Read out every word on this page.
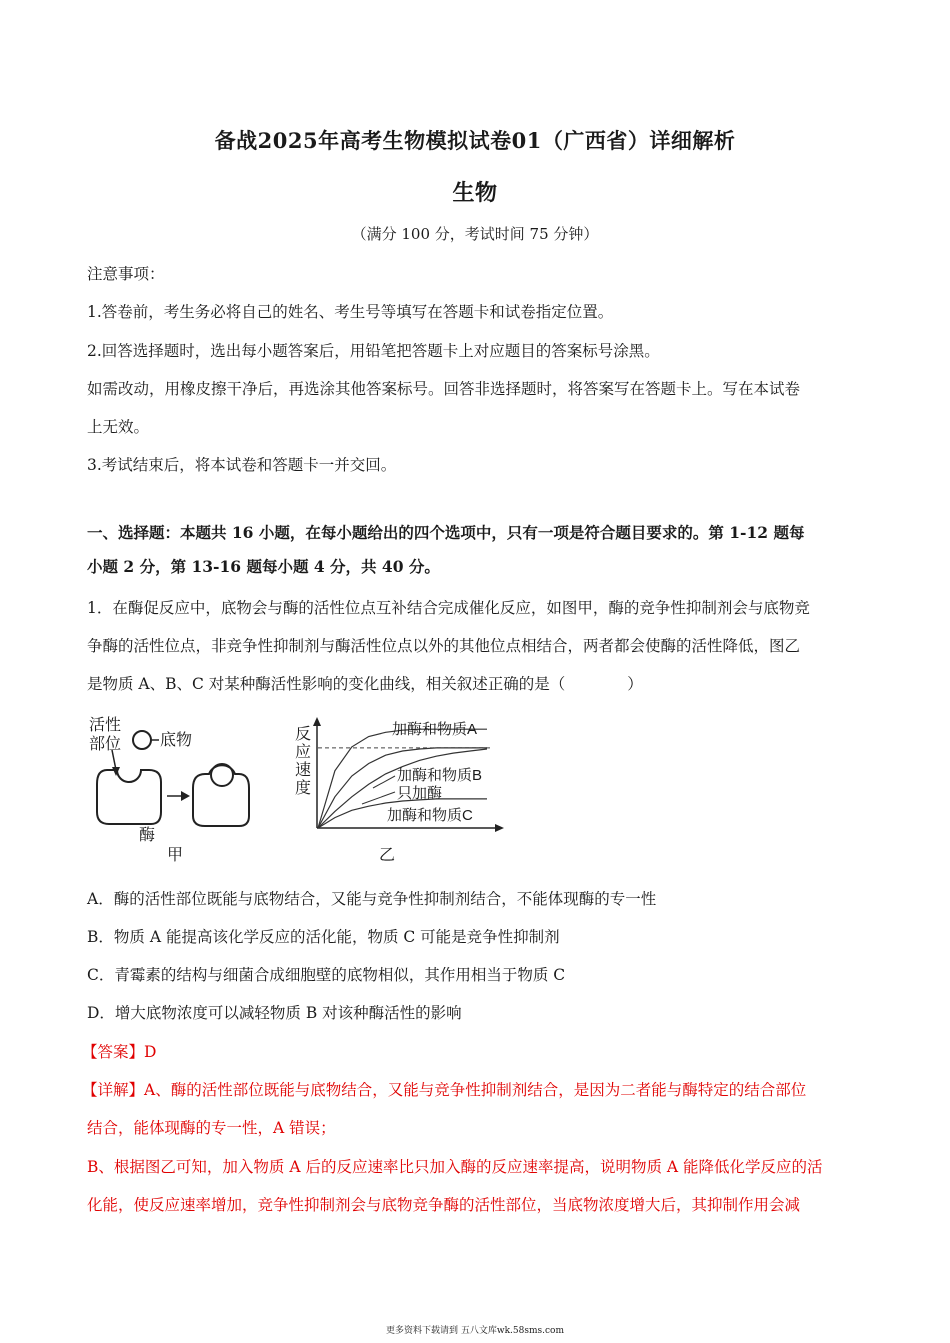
备战2025年高考生物模拟试卷01（广西省）详细解析
生物
（满分 100 分，考试时间 75 分钟）
注意事项：
1.答卷前，考生务必将自己的姓名、考生号等填写在答题卡和试卷指定位置。
2.回答选择题时，选出每小题答案后，用铅笔把答题卡上对应题目的答案标号涂黑。
如需改动，用橡皮擦干净后，再选涂其他答案标号。回答非选择题时，将答案写在答题卡上。写在本试卷
上无效。
3.考试结束后，将本试卷和答题卡一并交回。
一、选择题：本题共 16 小题，在每小题给出的四个选项中，只有一项是符合题目要求的。第 1-12 题每
小题 2 分，第 13-16 题每小题 4 分，共 40 分。
1．在酶促反应中，底物会与酶的活性位点互补结合完成催化反应，如图甲，酶的竞争性抑制剂会与底物竞
争酶的活性位点，非竞争性抑制剂与酶活性位点以外的其他位点相结合，两者都会使酶的活性降低，图乙
是物质 A、B、C 对某种酶活性影响的变化曲线，相关叙述正确的是（　　　　）
活性
部位 底物
酶
甲
反
应
速
度
加酶和物质A
只加酶
加酶和物质B
加酶和物质C
乙
A．酶的活性部位既能与底物结合，又能与竞争性抑制剂结合，不能体现酶的专一性
B．物质 A 能提高该化学反应的活化能，物质 C 可能是竞争性抑制剂
C．青霉素的结构与细菌合成细胞壁的底物相似，其作用相当于物质 C
D．增大底物浓度可以减轻物质 B 对该种酶活性的影响
【答案】D
【详解】A、酶的活性部位既能与底物结合，又能与竞争性抑制剂结合，是因为二者能与酶特定的结合部位
结合，能体现酶的专一性，A 错误；
B、根据图乙可知，加入物质 A 后的反应速率比只加入酶的反应速率提高，说明物质 A 能降低化学反应的活
化能，使反应速率增加，竞争性抑制剂会与底物竞争酶的活性部位，当底物浓度增大后，其抑制作用会减
更多资料下载请到 五八文库wk.58sms.com
